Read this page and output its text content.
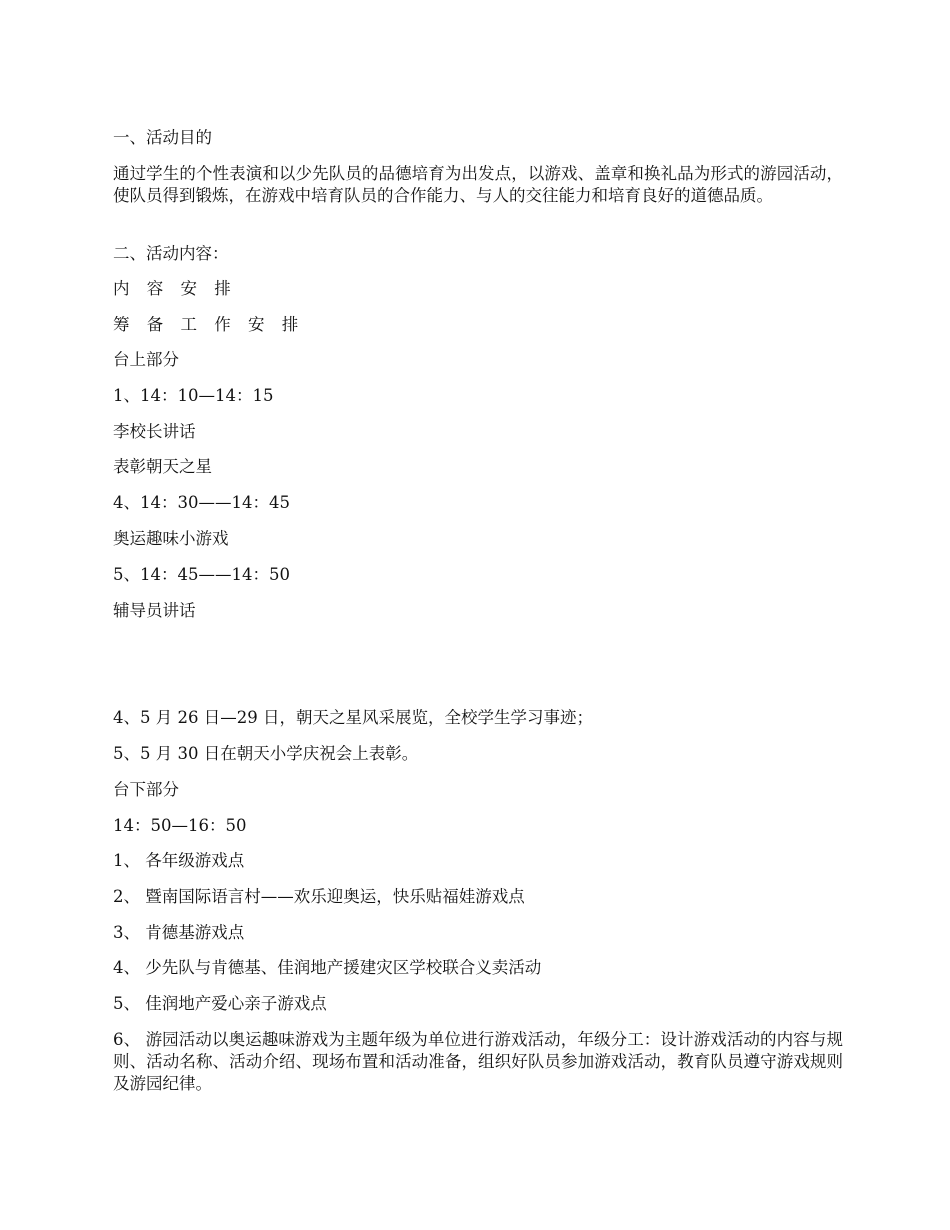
一、活动目的
通过学生的个性表演和以少先队员的品德培育为出发点，以游戏、盖章和换礼品为形式的游园活动，使队员得到锻炼，在游戏中培育队员的合作能力、与人的交往能力和培育良好的道德品质。
二、活动内容：
内 容 安 排
筹 备 工 作 安 排
台上部分
1、14：10—14：15
李校长讲话
表彰朝天之星
4、14：30——14：45
奥运趣味小游戏
5、14：45——14：50
辅导员讲话
4、5 月 26 日—29 日，朝天之星风采展览，全校学生学习事迹；
5、5 月 30 日在朝天小学庆祝会上表彰。
台下部分
14：50—16：50
1、 各年级游戏点
2、 暨南国际语言村——欢乐迎奥运，快乐贴福娃游戏点
3、 肯德基游戏点
4、 少先队与肯德基、佳润地产援建灾区学校联合义卖活动
5、 佳润地产爱心亲子游戏点
6、 游园活动以奥运趣味游戏为主题年级为单位进行游戏活动，年级分工：设计游戏活动的内容与规则、活动名称、活动介绍、现场布置和活动准备，组织好队员参加游戏活动，教育队员遵守游戏规则及游园纪律。
